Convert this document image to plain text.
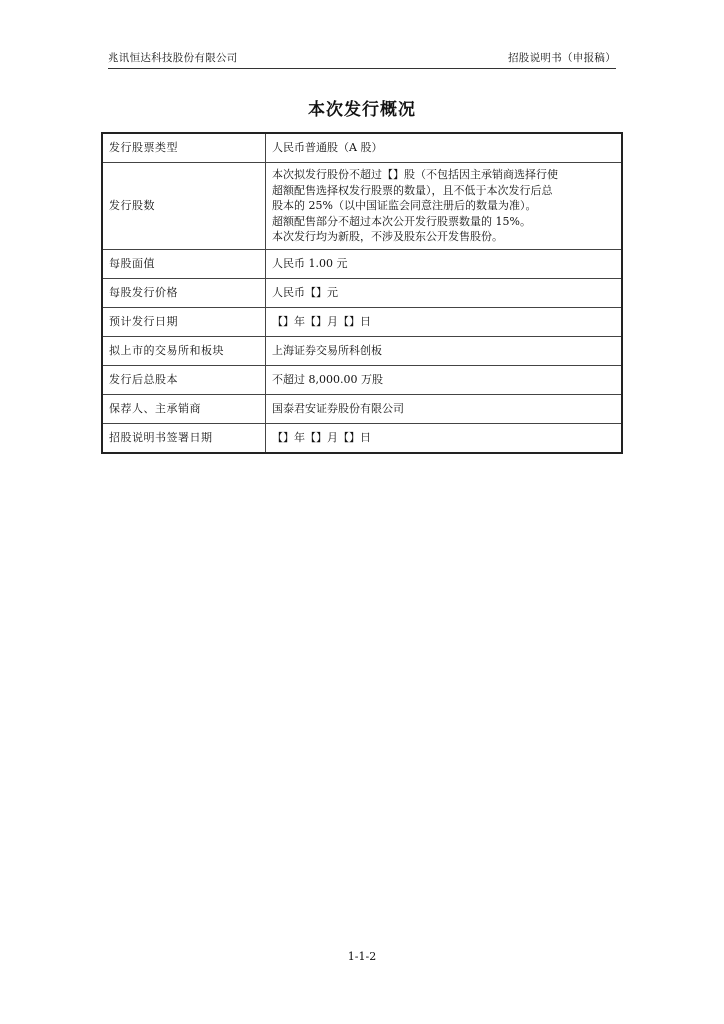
兆讯恒达科技股份有限公司	招股说明书（申报稿）
本次发行概况
发行股票类型	人民币普通股（A 股）

发行股数	本次拟发行股份不超过【】股（不包括因主承销商选择行使
超额配售选择权发行股票的数量），且不低于本次发行后总
股本的 25%（以中国证监会同意注册后的数量为准）。
超额配售部分不超过本次公开发行股票数量的 15%。
本次发行均为新股，不涉及股东公开发售股份。

每股面值	人民币 1.00 元

每股发行价格	人民币【】元

预计发行日期	【】年【】月【】日

拟上市的交易所和板块	上海证券交易所科创板

发行后总股本	不超过 8,000.00 万股

保荐人、主承销商	国泰君安证券股份有限公司

招股说明书签署日期	【】年【】月【】日
1-1-2
